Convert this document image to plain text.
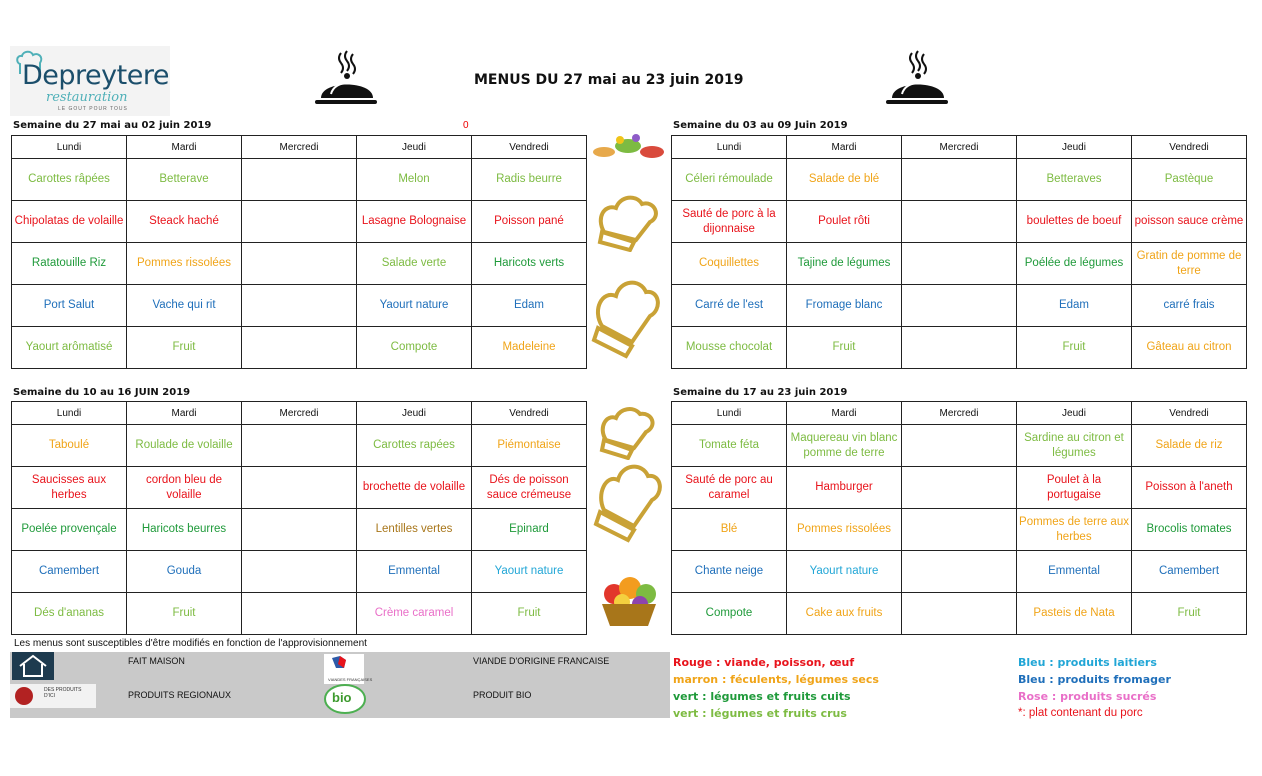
Depreytere
restauration
LE GOUT POUR TOUS
MENUS DU 27 mai au 23 juin 2019
Semaine du 27 mai au 02 juin 2019	0	Semaine du 03 au 09 Juin 2019
Semaine du 10 au 16 JUIN 2019	Semaine du 17 au 23 juin 2019
Lundi	Mardi	Mercredi	Jeudi	Vendredi
Carottes râpées	Betterave		Melon	Radis beurre
Chipolatas de volaille	Steack haché		Lasagne Bolognaise	Poisson pané
Ratatouille Riz	Pommes rissolées		Salade verte	Haricots verts
Port Salut	Vache qui rit		Yaourt nature	Edam
Yaourt arômatisé	Fruit		Compote	Madeleine
Lundi	Mardi	Mercredi	Jeudi	Vendredi
Céleri rémoulade	Salade de blé		Betteraves	Pastèque
Sauté de porc à la dijonnaise	Poulet rôti		boulettes de boeuf	poisson sauce crème
Coquillettes	Tajine de légumes		Poélée de légumes	Gratin de pomme de terre
Carré de l'est	Fromage blanc		Edam	carré frais
Mousse chocolat	Fruit		Fruit	Gâteau au citron
Lundi	Mardi	Mercredi	Jeudi	Vendredi
Taboulé	Roulade de volaille		Carottes rapées	Piémontaise
Saucisses aux herbes	cordon bleu de volaille		brochette de volaille	Dés de poisson sauce crémeuse
Poelée provençale	Haricots beurres		Lentilles vertes	Epinard
Camembert	Gouda		Emmental	Yaourt nature
Dés d'ananas	Fruit		Crème caramel	Fruit
Lundi	Mardi	Mercredi	Jeudi	Vendredi
Tomate féta	Maquereau vin blanc pomme de terre		Sardine au citron et légumes	Salade de riz
Sauté de porc au caramel	Hamburger		Poulet à la portugaise	Poisson à l'aneth
Blé	Pommes rissolées		Pommes de terre aux herbes	Brocolis tomates
Chante neige	Yaourt nature		Emmental	Camembert
Compote	Cake aux fruits		Pasteis de Nata	Fruit
Les menus sont susceptibles d'être modifiés en fonction de l'approvisionnement
FAIT MAISON
VIANDES FRANÇAISES
VIANDE D'ORIGINE FRANCAISE
DES PRODUITS D'ICI	PRODUITS REGIONAUX	bio	PRODUIT BIO
Rouge : viande, poisson, œuf
marron : féculents, légumes secs
vert : légumes et fruits cuits
vert : légumes et fruits crus
Bleu : produits laitiers
Bleu : produits fromager
Rose : produits sucrés
*: plat contenant du porc
